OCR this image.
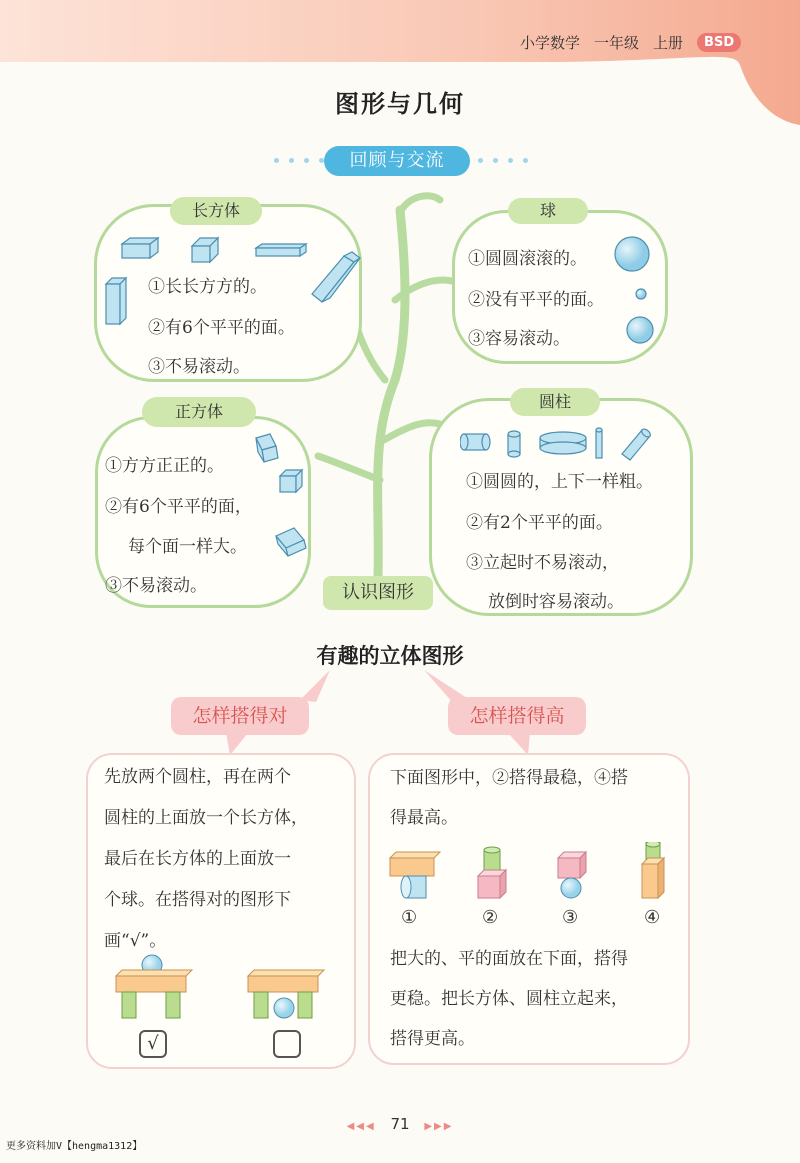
小学数学 一年级 上册	BSD
图形与几何
回顾与交流
长方体
①长长方方的。
②有6个平平的面。
③不易滚动。
球
①圆圆滚滚的。
②没有平平的面。
③容易滚动。
正方体
①方方正正的。
②有6个平平的面，
每个面一样大。
③不易滚动。
圆柱
①圆圆的，上下一样粗。
②有2个平平的面。
③立起时不易滚动，
放倒时容易滚动。
认识图形
有趣的立体图形
怎样搭得对	怎样搭得高
先放两个圆柱，再在两个
圆柱的上面放一个长方体，
最后在长方体的上面放一
个球。在搭得对的图形下
画“√”。
√
下面图形中，②搭得最稳，④搭
得最高。
①	②	③	④
把大的、平的面放在下面，搭得
更稳。把长方体、圆柱立起来，
搭得更高。
◀◀◀ 71 ▶▶▶
更多资料加V【hengma1312】
